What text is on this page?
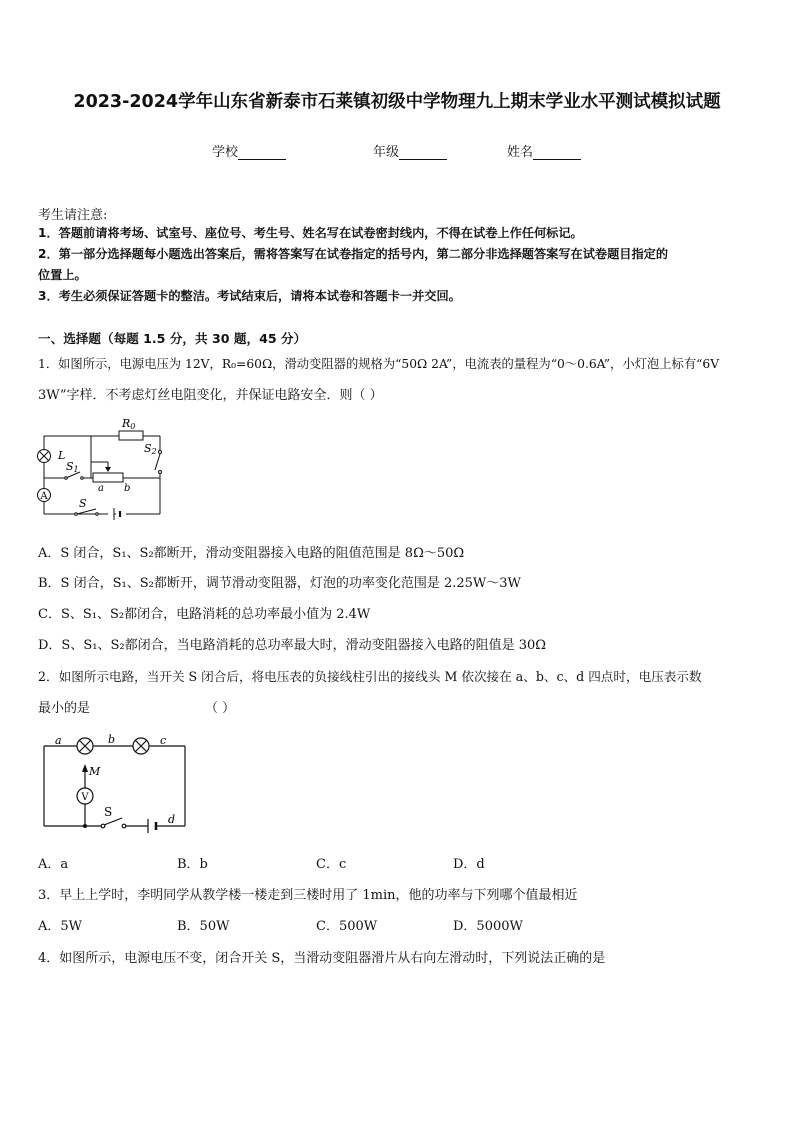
2023-2024学年山东省新泰市石莱镇初级中学物理九上期末学业水平测试模拟试题
学校	年级	姓名
考生请注意:
1．答题前请将考场、试室号、座位号、考生号、姓名写在试卷密封线内，不得在试卷上作任何标记。
2．第一部分选择题每小题选出答案后，需将答案写在试卷指定的括号内，第二部分非选择题答案写在试卷题目指定的
位置上。
3．考生必须保证答题卡的整洁。考试结束后，请将本试卷和答题卡一并交回。
一、选择题（每题 1.5 分，共 30 题，45 分）
1．如图所示，电源电压为 12V，R₀=60Ω，滑动变阻器的规格为“50Ω 2A”，电流表的量程为“0～0.6A”，小灯泡上标有“6V
3W”字样．不考虑灯丝电阻变化，并保证电路安全．则（ ）
R0
L
S1
S2
A
a b
S
A．S 闭合，S₁、S₂都断开，滑动变阻器接入电路的阻值范围是 8Ω～50Ω
B．S 闭合，S₁、S₂都断开，调节滑动变阻器，灯泡的功率变化范围是 2.25W～3W
C．S、S₁、S₂都闭合，电路消耗的总功率最小值为 2.4W
D．S、S₁、S₂都闭合，当电路消耗的总功率最大时，滑动变阻器接入电路的阻值是 30Ω
2．如图所示电路，当开关 S 闭合后，将电压表的负接线柱引出的接线头 M 依次接在 a、b、c、d 四点时，电压表示数
最小的是	（ ）
a	b	c
d
M
V
S
A．a	B．b	C．c	D．d
3．早上上学时，李明同学从教学楼一楼走到三楼时用了 1min，他的功率与下列哪个值最相近
A．5W	B．50W	C．500W	D．5000W
4．如图所示，电源电压不变，闭合开关 S，当滑动变阻器滑片从右向左滑动时，下列说法正确的是
